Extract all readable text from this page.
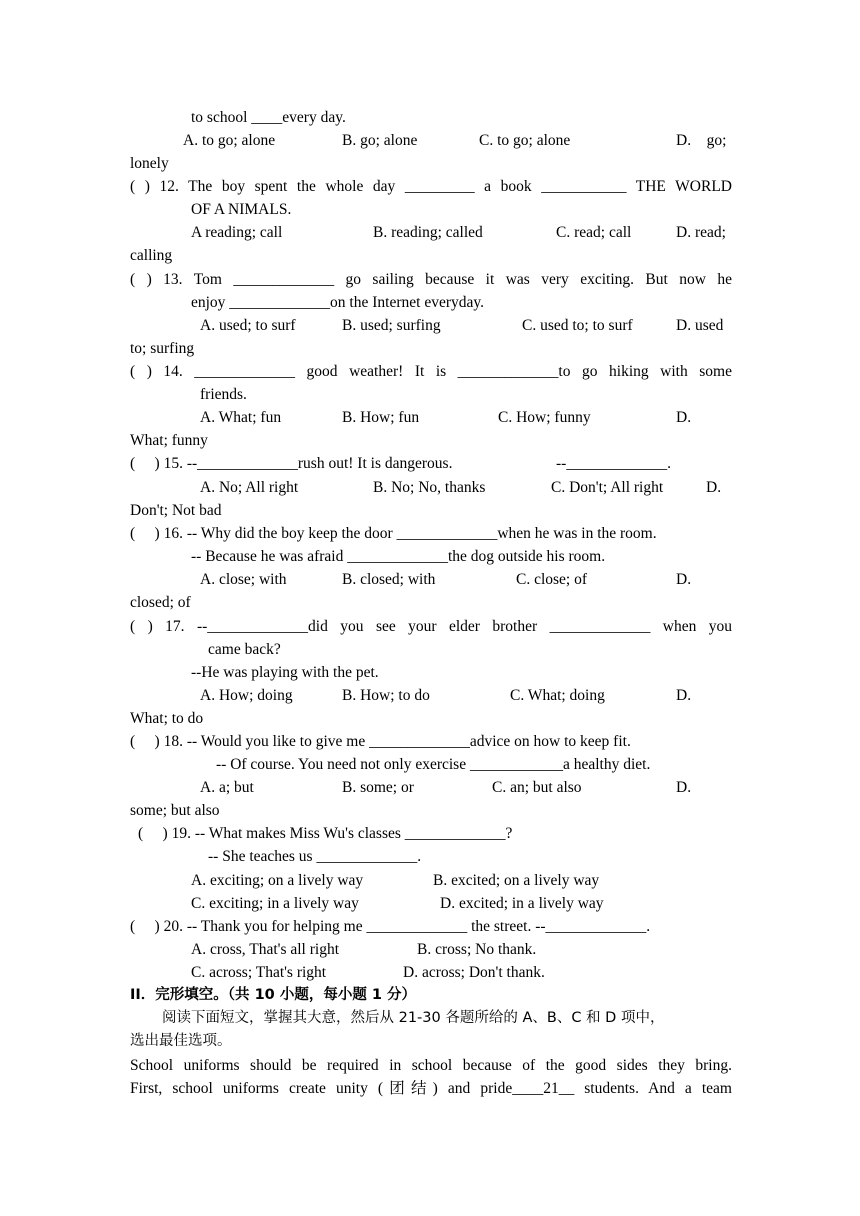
to school ____every day.
A. to go; alone	B. go; alone	C. to go; alone	D.    go;
lonely
( ) 12. The boy spent the whole day _________ a book ___________ THE WORLD
OF A NIMALS.
A reading; call	B. reading; called	C. read; call	D. read;
calling
( ) 13. Tom _____________ go sailing because it was very exciting. But now he
enjoy _____________on the Internet everyday.
A. used; to surf	B. used; surfing	C. used to; to surf	D. used
to; surfing
( ) 14. _____________ good weather! It is _____________to go hiking with some
friends.
A. What; fun	B. How; fun	C. How; funny	D.
What; funny
(     ) 15. --_____________rush out! It is dangerous.	--_____________.
A. No; All right	B. No; No, thanks	C. Don't; All right	D.
Don't; Not bad
(     ) 16. -- Why did the boy keep the door _____________when he was in the room.
-- Because he was afraid _____________the dog outside his room.
A. close; with	B. closed; with	C. close; of	D.
closed; of
( ) 17. --_____________did you see your elder brother _____________ when you
came back?
--He was playing with the pet.
A. How; doing	B. How; to do	C. What; doing	D.
What; to do
(     ) 18. -- Would you like to give me _____________advice on how to keep fit.
-- Of course. You need not only exercise ____________a healthy diet.
A. a; but	B. some; or	C. an; but also	D.
some; but also
(     ) 19. -- What makes Miss Wu's classes _____________?
-- She teaches us _____________.
A. exciting; on a lively way	B. excited; on a lively way
C. exciting; in a lively way	D. excited; in a lively way
(     ) 20. -- Thank you for helping me _____________ the street. --_____________.
A. cross, That's all right	B. cross; No thank.
C. across; That's right	D. across; Don't thank.
II．完形填空。（共 10 小题，每小题 1 分）
阅读下面短文，掌握其大意，然后从 21-30 各题所给的 A、B、C 和 D 项中，
选出最佳选项。
School uniforms should be required in school because of the good sides they bring.
First, school uniforms create unity (团结) and pride____21__ students. And a team
